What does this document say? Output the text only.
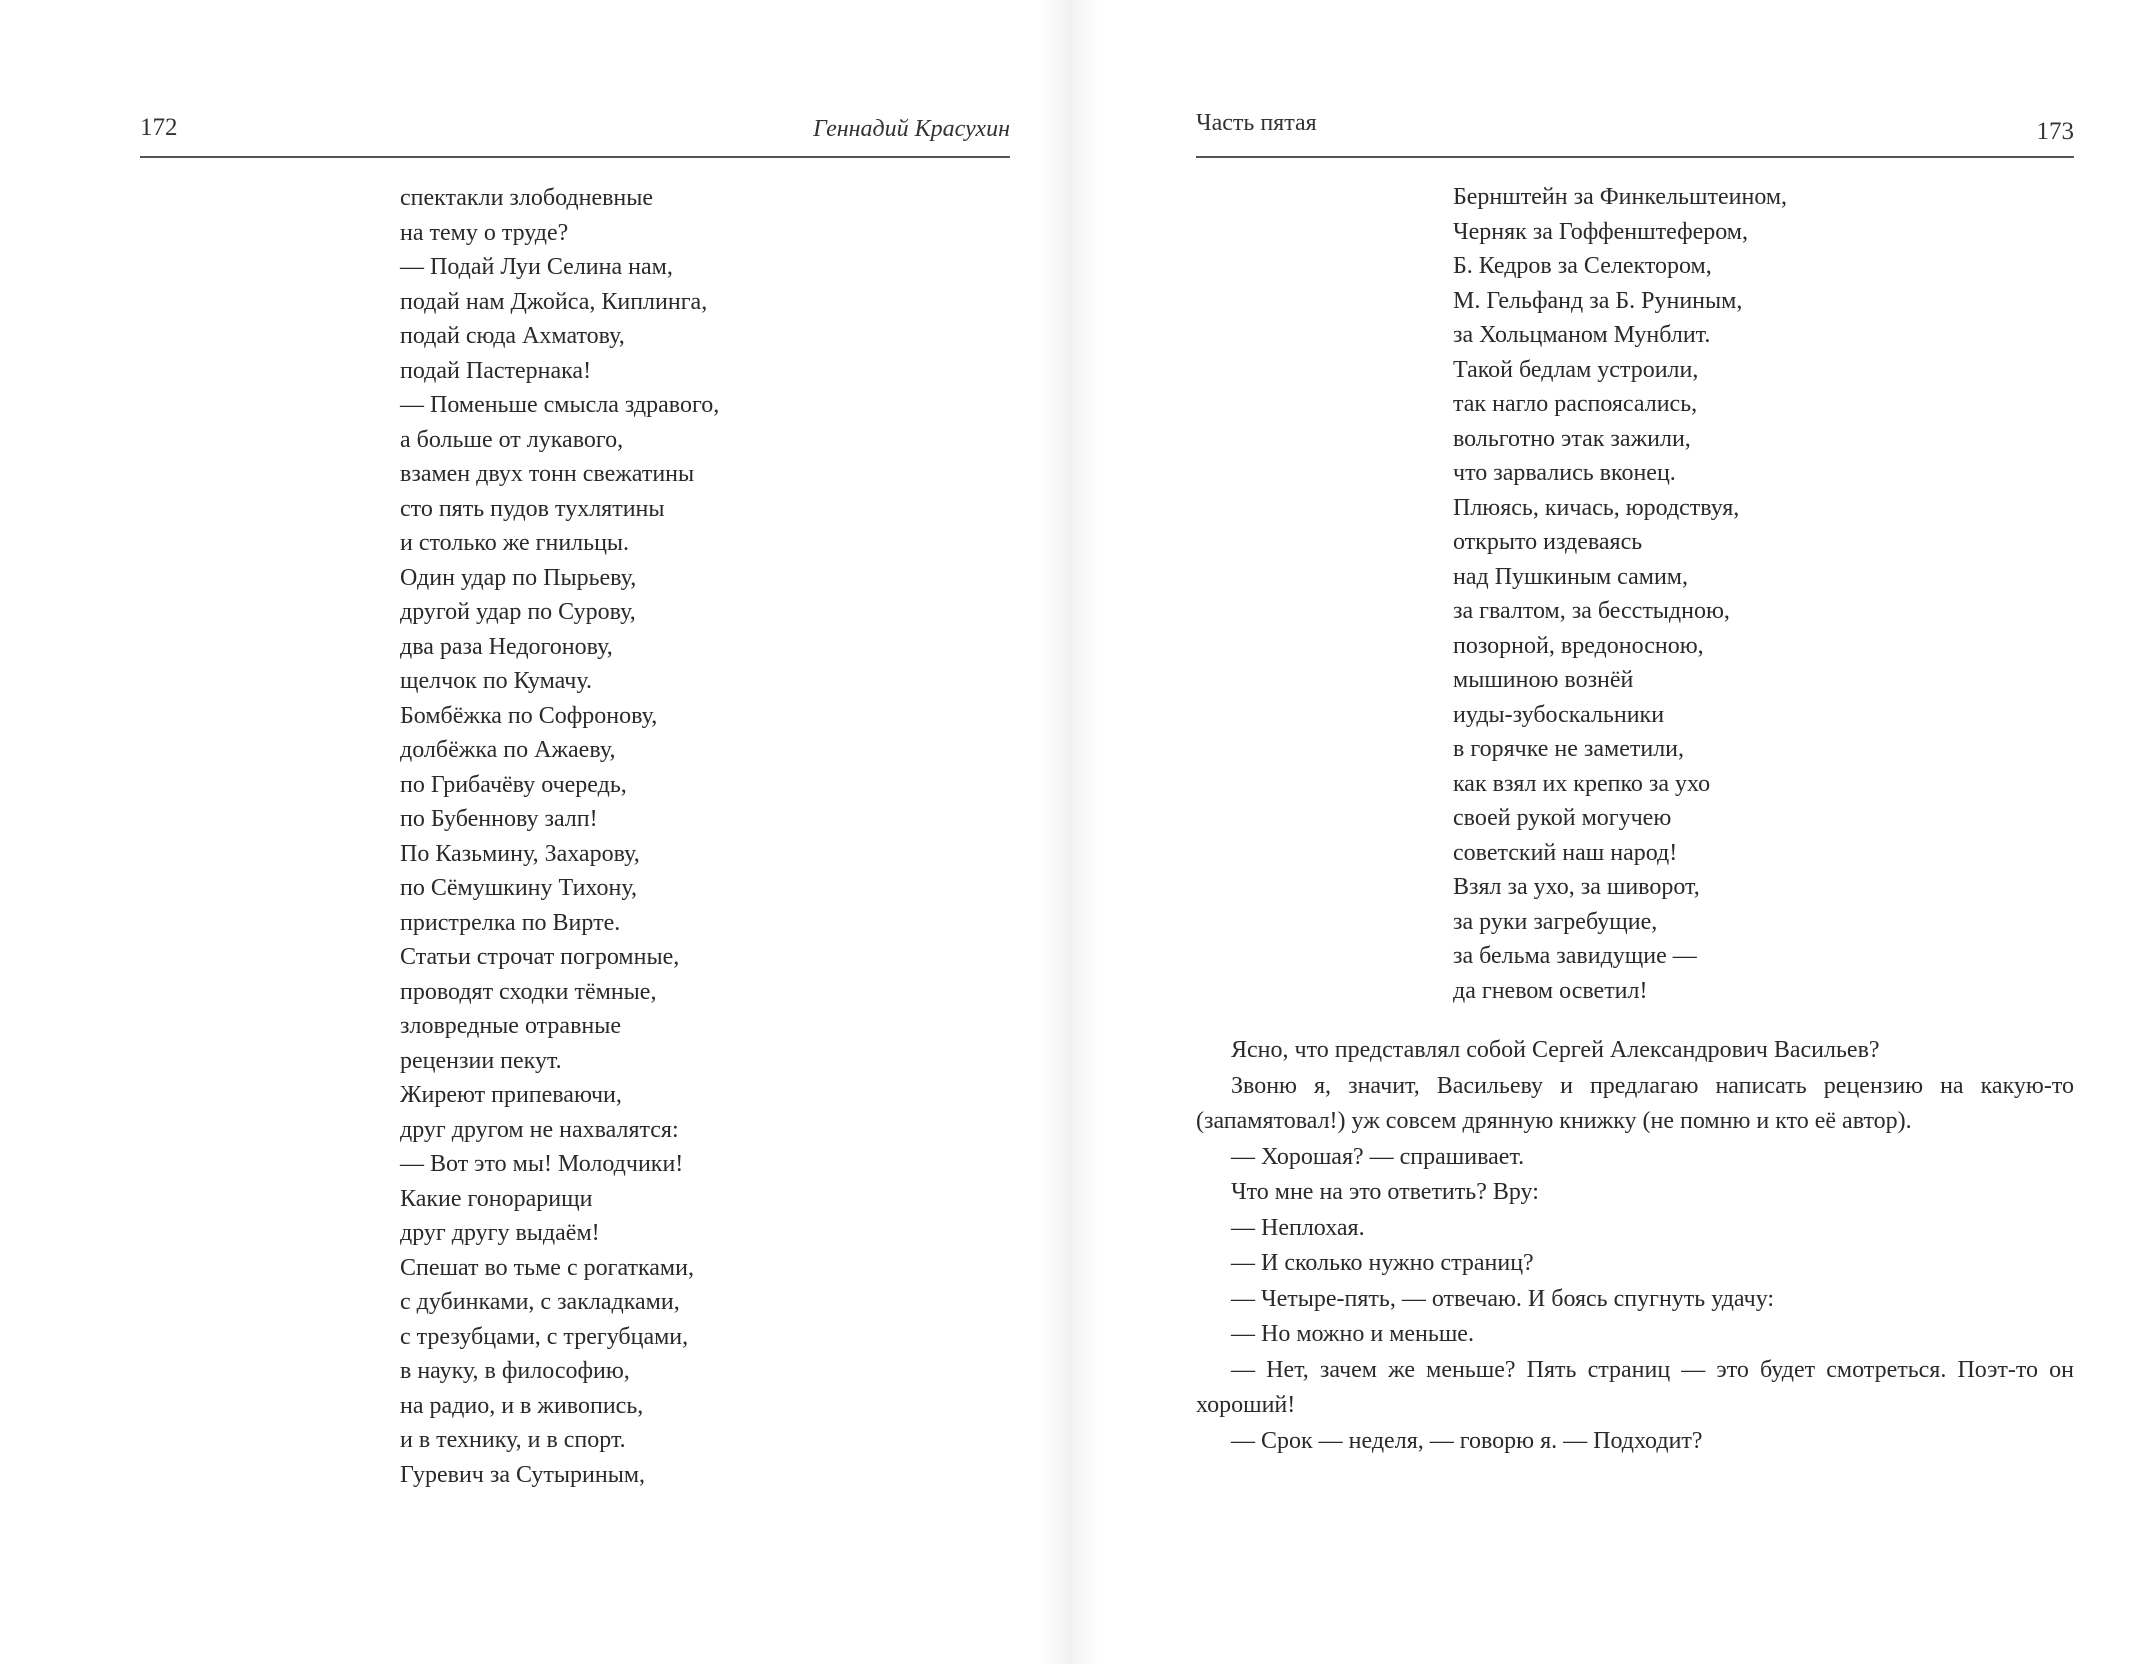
172	Геннадий Красухин
спектакли злободневные
на тему о труде?
— Подай Луи Селина нам,
подай нам Джойса, Киплинга,
подай сюда Ахматову,
подай Пастернака!
— Поменьше смысла здравого,
а больше от лукавого,
взамен двух тонн свежатины
сто пять пудов тухлятины
и столько же гнильцы.
Один удар по Пырьеву,
другой удар по Сурову,
два раза Недогонову,
щелчок по Кумачу.
Бомбёжка по Софронову,
долбёжка по Ажаеву,
по Грибачёву очередь,
по Бубеннову залп!
По Казьмину, Захарову,
по Сёмушкину Тихону,
пристрелка по Вирте.
Статьи строчат погромные,
проводят сходки тёмные,
зловредные отравные
рецензии пекут.
Жиреют припеваючи,
друг другом не нахвалятся:
— Вот это мы! Молодчики!
Какие гонорарищи
друг другу выдаём!
Спешат во тьме с рогатками,
с дубинками, с закладками,
с трезубцами, с трегубцами,
в науку, в философию,
на радио, и в живопись,
и в технику, и в спорт.
Гуревич за Сутыриным,
Часть пятая	173
Бернштейн за Финкельштеином,
Черняк за Гоффенштефером,
Б. Кедров за Селектором,
М. Гельфанд за Б. Руниным,
за Хольцманом Мунблит.
Такой бедлам устроили,
так нагло распоясались,
вольготно этак зажили,
что зарвались вконец.
Плюясь, кичась, юродствуя,
открыто издеваясь
над Пушкиным самим,
за гвалтом, за бесстыдною,
позорной, вредоносною,
мышиною вознёй
иуды-зубоскальники
в горячке не заметили,
как взял их крепко за ухо
своей рукой могучею
советский наш народ!
Взял за ухо, за шиворот,
за руки загребущие,
за бельма завидущие —
да гневом осветил!

Ясно, что представлял собой Сергей Александрович Васильев?

Звоню я, значит, Васильеву и предлагаю написать рецензию на какую-то (запамятовал!) уж совсем дрянную книжку (не помню и кто её автор).

— Хорошая? — спрашивает.

Что мне на это ответить? Вру:

— Неплохая.

— И сколько нужно страниц?

— Четыре-пять, — отвечаю. И боясь спугнуть удачу:

— Но можно и меньше.

— Нет, зачем же меньше? Пять страниц — это будет смотреться. Поэт-то он хороший!

— Срок — неделя, — говорю я. — Подходит?
